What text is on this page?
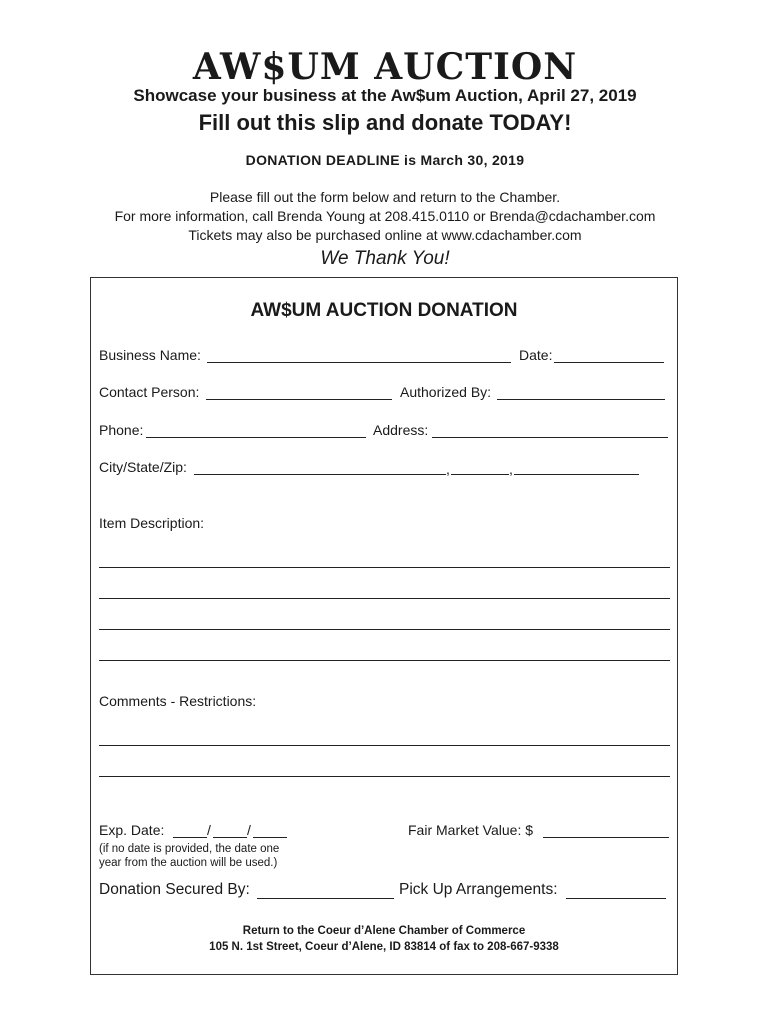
AW$UM AUCTION
Showcase your business at the Aw$um Auction, April 27, 2019
Fill out this slip and donate TODAY!
DONATION DEADLINE is March 30, 2019
Please fill out the form below and return to the Chamber.
For more information, call Brenda Young at 208.415.0110 or Brenda@cdachamber.com
Tickets may also be purchased online at www.cdachamber.com
We Thank You!
AW$UM AUCTION DONATION
Business Name:	Date:
Contact Person:	Authorized By:
Phone:	Address:
City/State/Zip:	,	,
Item Description:
Comments - Restrictions:
Exp. Date:	/	/
(if no date is provided, the date one
year from the auction will be used.)
Fair Market Value: $
Donation Secured By:	Pick Up Arrangements:
Return to the Coeur d’Alene Chamber of Commerce
105 N. 1st Street, Coeur d’Alene, ID 83814 of fax to 208-667-9338
